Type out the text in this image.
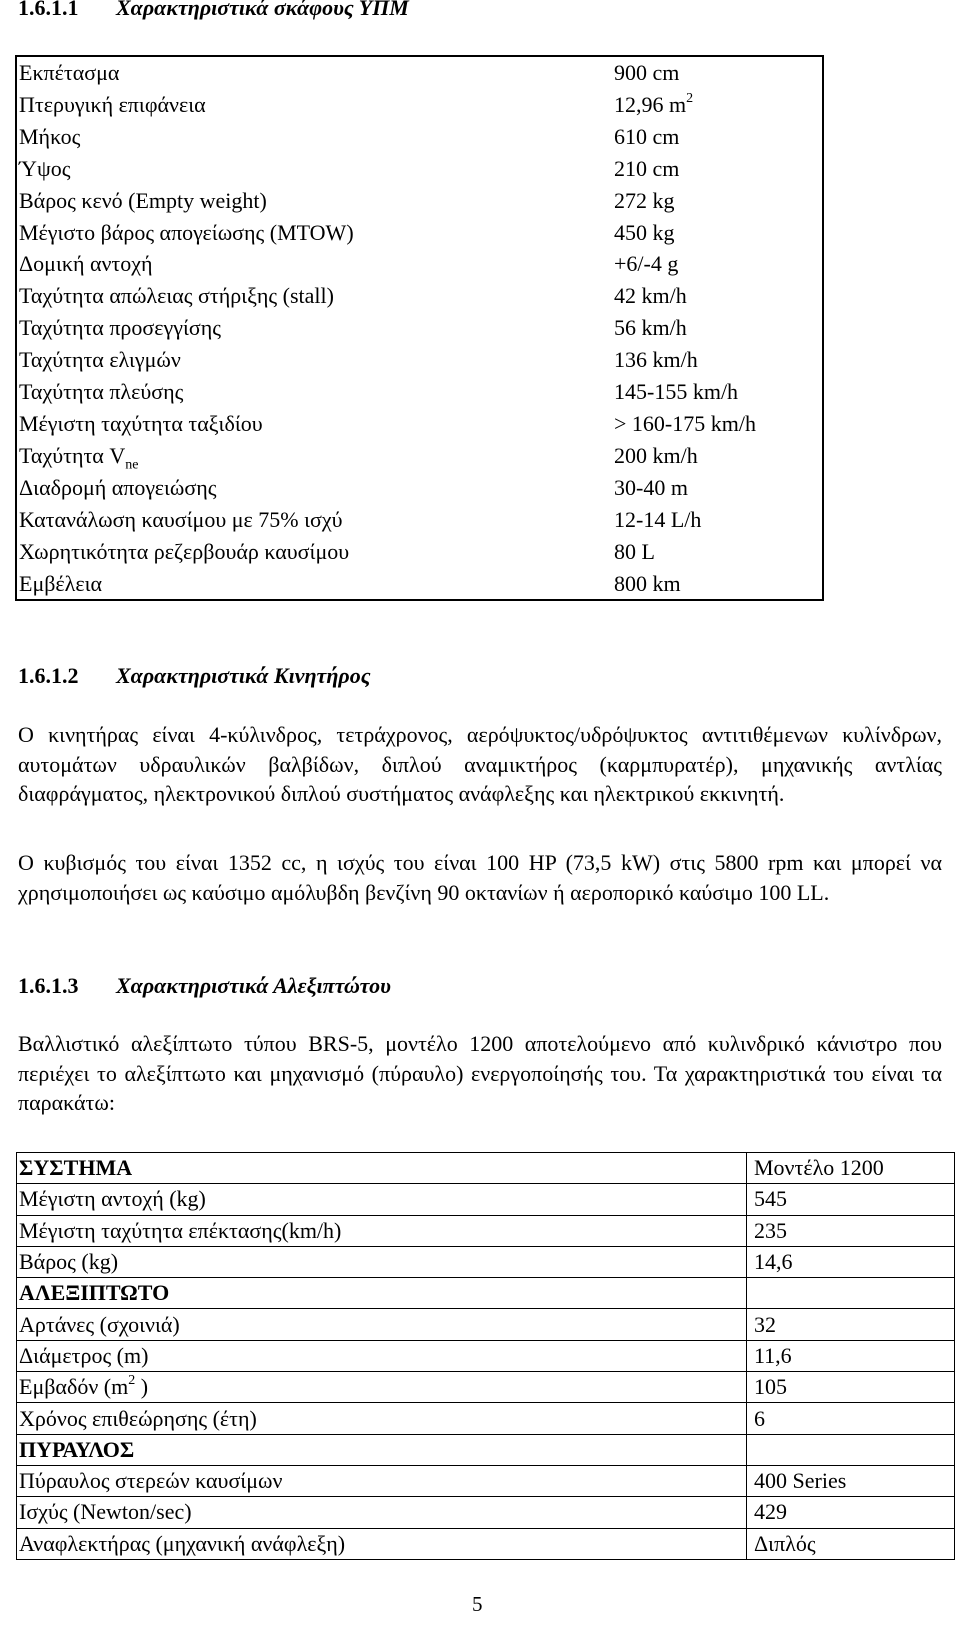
1.6.1.1 Χαρακτηριστικά σκάφους ΥΠΜ
Εκπέτασμα	900 cm
Πτερυγική επιφάνεια	12,96 $m^2$
Μήκος	610 cm
Ύψος	210 cm
Βάρος κενό (Empty weight)	272 kg
Μέγιστο βάρος απογείωσης (MTOW)	450 kg
Δομική αντοχή	+6/-4 g
Ταχύτητα απώλειας στήριξης (stall)	42 km/h
Ταχύτητα προσεγγίσης	56 km/h
Ταχύτητα ελιγμών	136 km/h
Ταχύτητα πλεύσης	145-155 km/h
Μέγιστη ταχύτητα ταξιδίου	> 160-175 km/h
Ταχύτητα $V_{ne}$	200 km/h
Διαδρομή απογειώσης	30-40 m
Κατανάλωση καυσίμου με 75% ισχύ	12-14 L/h
Χωρητικότητα ρεζερβουάρ καυσίμου	80 L
Εμβέλεια	800 km
1.6.1.2 Χαρακτηριστικά Κινητήρος
Ο κινητήρας είναι 4-κύλινδρος, τετράχρονος, αερόψυκτος/υδρόψυκτος αντιτιθέμενων κυλίνδρων, αυτομάτων υδραυλικών βαλβίδων, διπλού αναμικτήρος (καρμπυρατέρ), μηχανικής αντλίας διαφράγματος, ηλεκτρονικού διπλού συστήματος ανάφλεξης και ηλεκτρικού εκκινητή.
Ο κυβισμός του είναι 1352 cc, η ισχύς του είναι 100 HP (73,5 kW) στις 5800 rpm και μπορεί να χρησιμοποιήσει ως καύσιμο αμόλυβδη βενζίνη 90 οκτανίων ή αεροπορικό καύσιμο 100 LL.
1.6.1.3 Χαρακτηριστικά Αλεξιπτώτου
Βαλλιστικό αλεξίπτωτο τύπου BRS-5, μοντέλο 1200 αποτελούμενο από κυλινδρικό κάνιστρο που περιέχει το αλεξίπτωτο και μηχανισμό (πύραυλο) ενεργοποίησής του. Τα χαρακτηριστικά του είναι τα παρακάτω:
ΣΥΣΤΗΜΑ	Μοντέλο 1200
Μέγιστη αντοχή (kg)	545
Μέγιστη ταχύτητα επέκτασης(km/h)	235
Βάρος (kg)	14,6
ΑΛΕΞΙΠΤΩΤΟ	
Αρτάνες (σχοινιά)	32
Διάμετρος (m)	11,6
Εμβαδόν ($m^2$ )	105
Χρόνος επιθεώρησης (έτη)	6
ΠΥΡΑΥΛΟΣ	
Πύραυλος στερεών καυσίμων	400 Series
Ισχύς (Newton/sec)	429
Αναφλεκτήρας (μηχανική ανάφλεξη)	Διπλός
5
